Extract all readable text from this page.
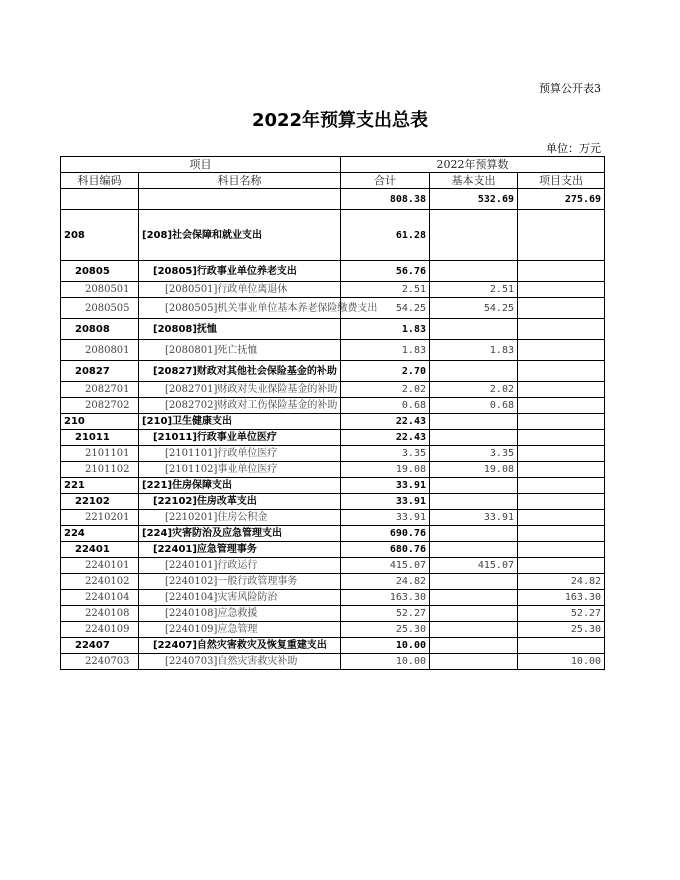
预算公开表3
2022年预算支出总表
单位：万元
项目		2022年预算数		
科目编码	科目名称	合计	基本支出	项目支出
		808.38	532.69	275.69
208	[208]社会保障和就业支出	61.28		
20805	[20805]行政事业单位养老支出	56.76		
2080501	[2080501]行政单位离退休	2.51	2.51	
2080505	[2080505]机关事业单位基本养老保险缴费支出	54.25	54.25	
20808	[20808]抚恤	1.83		
2080801	[2080801]死亡抚恤	1.83	1.83	
20827	[20827]财政对其他社会保险基金的补助	2.70		
2082701	[2082701]财政对失业保险基金的补助	2.02	2.02	
2082702	[2082702]财政对工伤保险基金的补助	0.68	0.68	
210	[210]卫生健康支出	22.43		
21011	[21011]行政事业单位医疗	22.43		
2101101	[2101101]行政单位医疗	3.35	3.35	
2101102	[2101102]事业单位医疗	19.08	19.08	
221	[221]住房保障支出	33.91		
22102	[22102]住房改革支出	33.91		
2210201	[2210201]住房公积金	33.91	33.91	
224	[224]灾害防治及应急管理支出	690.76		
22401	[22401]应急管理事务	680.76		
2240101	[2240101]行政运行	415.07	415.07	
2240102	[2240102]一般行政管理事务	24.82		24.82
2240104	[2240104]灾害风险防治	163.30		163.30
2240108	[2240108]应急救援	52.27		52.27
2240109	[2240109]应急管理	25.30		25.30
22407	[22407]自然灾害救灾及恢复重建支出	10.00		
2240703	[2240703]自然灾害救灾补助	10.00		10.00
